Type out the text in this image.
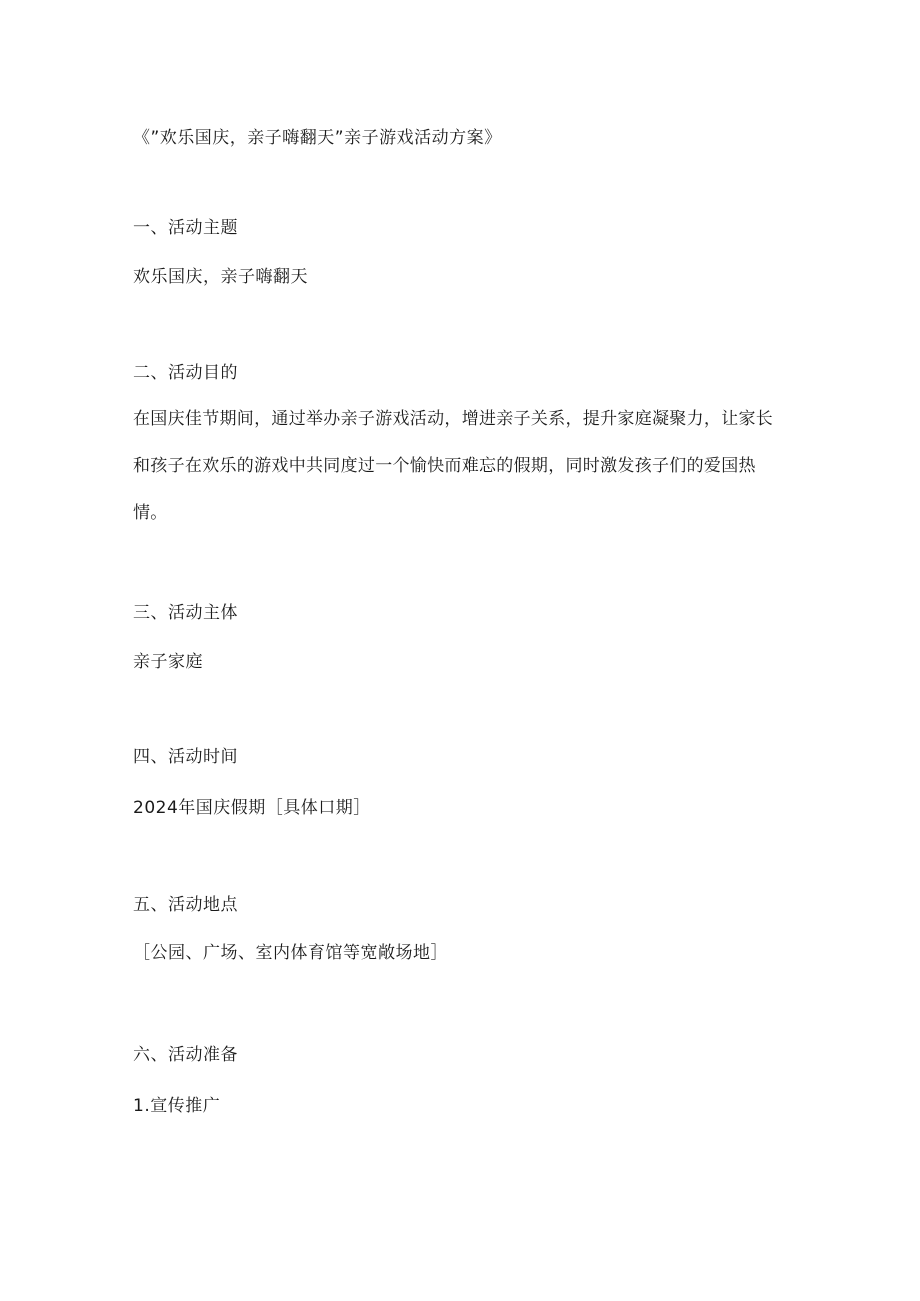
《”欢乐国庆，亲子嗨翻天”亲子游戏活动方案》
一、活动主题
欢乐国庆，亲子嗨翻天
二、活动目的
在国庆佳节期间，通过举办亲子游戏活动，增进亲子关系，提升家庭凝聚力，让家长和孩子在欢乐的游戏中共同度过一个愉快而难忘的假期，同时激发孩子们的爱国热情。
三、活动主体
亲子家庭
四、活动时间
2024年国庆假期［具体口期］
五、活动地点
［公园、广场、室内体育馆等宽敞场地］
六、活动准备
1.宣传推广
